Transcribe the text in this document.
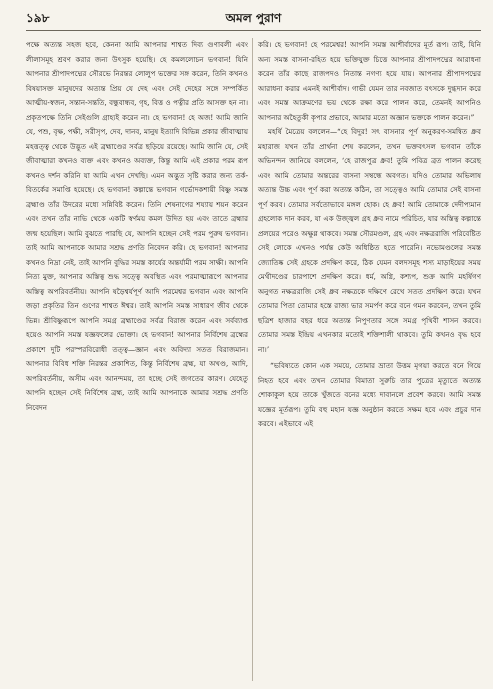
১৯৮	অমল পুরাণ

পক্ষে অত্যন্ত সহজ হবে, কেননা আমি আপনার শাশ্বত দিব্য গুণাবলী এবং লীলাসমূহ শ্রবণ করার জন্য উৎসুক হয়েছি। হে কমললোচন ভগবান! যিনি আপনার শ্রীপাদপদ্মের সৌরভে নিরন্তর লোলুপ ভক্তের সঙ্গ করেন, তিনি কখনও বিষয়াসক্ত মানুষদের অত্যন্ত প্রিয় যে দেহ এবং সেই দেহের সঙ্গে সম্পর্কিত আত্মীয়-স্বজন, সন্তান-সন্ততি, বন্ধুবান্ধব, গৃহ, বিত্ত ও পত্নীর প্রতি আসক্ত হন না। প্রকৃতপক্ষে তিনি সেইগুলি গ্রাহ্যই করেন না। হে ভগবান! হে অজ! আমি জানি যে, পশু, বৃক্ষ, পক্ষী, সরীসৃপ, দেব, দানব, মানুষ ইত্যাদি বিভিন্ন প্রকার জীবাত্মায় মহত্তত্ত্ব থেকে উদ্ভূত এই ব্রহ্মাণ্ডের সর্বত্র ছড়িয়ে রয়েছে। আমি জানি যে, সেই জীবাত্মারা কখনও ব্যক্ত এবং কখনও অব্যক্ত, কিন্তু আমি এই প্রকার পরম রূপ কখনও দর্শন করিনি যা আমি এখন দেখছি। এমন অদ্ভুত সৃষ্টি করার জন্য তর্ক-বিতর্কের সমাপ্তি হয়েছে। হে ভগবান! কল্পান্তে ভগবান গর্ভোদকশায়ী বিষ্ণু সমস্ত ব্রহ্মাণ্ড তাঁর উদরের মধ্যে সন্নিবিষ্ট করেন। তিনি শেষনাগের শয্যায় শয়ন করেন এবং তখন তাঁর নাভি থেকে একটি স্বর্ণময় কমল উদিত হয় এবং তাতে ব্রহ্মার জন্ম হয়েছিল। আমি বুঝতে পারছি যে, আপনি হচ্ছেন সেই পরম পুরুষ ভগবান। তাই আমি আপনাকে আমার সশ্রদ্ধ প্রণতি নিবেদন করি। হে ভগবান! আপনার কখনও নিদ্রা নেই, তাই আপনি বুদ্ধির সমস্ত কার্যের অন্তর্যামী পরম সাক্ষী। আপনি নিত্য মুক্ত, আপনার অস্তিত্ব শুদ্ধ সত্ত্বে অবস্থিত এবং পরমাত্মারূপে আপনার অস্তিত্ব অপরিবর্তনীয়। আপনি ষড়ৈশ্বর্যপূর্ণ আদি পরমেশ্বর ভগবান এবং আপনি জড়া প্রকৃতির তিন গুণের শাশ্বত ঈশ্বর। তাই আপনি সমস্ত সাধারণ জীব থেকে ভিন্ন। শ্রীবিষ্ণুরূপে আপনি সমগ্র ব্রহ্মাণ্ডের সর্বত্র বিরাজ করেন এবং সর্বব্যাপ্ত হয়েও আপনি সমস্ত যজ্ঞফলের ভোক্তা। হে ভগবান! আপনার নির্বিশেষ ব্রহ্মের প্রকাশে দুটি পরস্পরবিরোধী তত্ত্ব—জ্ঞান এবং অবিদ্যা সতত বিরাজমান। আপনার বিবিধ শক্তি নিরন্তর প্রকাশিত, কিন্তু নির্বিশেষ ব্রহ্ম, যা অখণ্ড, আদি, অপরিবর্তনীয়, অসীম এবং আনন্দময়, তা হচ্ছে সেই জগতের কারণ। যেহেতু আপনি হচ্ছেন সেই নির্বিশেষ ব্রহ্ম, তাই আমি আপনাকে আমার সশ্রদ্ধ প্রণতি নিবেদন

করি। হে ভগবান! হে পরমেশ্বর! আপনি সমস্ত আশীর্বাদের মূর্ত রূপ। তাই, যিনি অন্য সমস্ত বাসনা-রহিত হয়ে ভক্তিযুক্ত চিত্তে আপনার শ্রীপাদপদ্মের আরাধনা করেন তাঁর কাছে রাজপদও নিতান্ত নগণ্য হয়ে যায়। আপনার শ্রীপাদপদ্মের আরাধনা করার এমনই আশীর্বাদ। গাভী যেমন তার নবজাত বৎসকে দুগ্ধদান করে এবং সমস্ত আক্রমণের ভয় থেকে রক্ষা করে পালন করে, তেমনই আপনিও আপনার অহৈতুকী কৃপার প্রভাবে, আমার মতো অজ্ঞান ভক্তকে পালন করেন।”

মহর্ষি মৈত্রেয় বললেন—“হে বিদুর! সৎ বাসনার পূর্ণ অনুকরণ-সমন্বিত ধ্রুব মহারাজ যখন তাঁর প্রার্থনা শেষ করলেন, তখন ভক্তবৎসল ভগবান তাঁকে অভিনন্দন জানিয়ে বললেন, ‘হে রাজপুত্র ধ্রুব! তুমি পবিত্র ব্রত পালন করেছ এবং আমি তোমার অন্তরের বাসনা সম্বন্ধে অবগত। যদিও তোমার অভিলাষ অত্যন্ত উচ্চ এবং পূর্ণ করা অত্যন্ত কঠিন, তা সত্ত্বেও আমি তোমার সেই বাসনা পূর্ণ করব। তোমার সর্বতোভাবে মঙ্গল হোক। হে ধ্রুব! আমি তোমাকে দেদীপ্যমান গ্রহলোক দান করব, যা এক উজ্জ্বল গ্রহ ধ্রুব নামে পরিচিত, যার অস্তিত্ব কল্পান্তে প্রলয়ের পরেও অক্ষুণ্ণ থাকবে। সমস্ত সৌরমণ্ডল, গ্রহ এবং নক্ষত্ররাজি পরিবেষ্টিত সেই লোকে এখনও পর্যন্ত কেউ অধিষ্ঠিত হতে পারেনি। নভোমণ্ডলের সমস্ত জ্যোতিষ্ক সেই গ্রহকে প্রদক্ষিণ করে, ঠিক যেমন বলদসমূহ শস্য মাড়াইয়ের সময় মেথীদণ্ডের চারপাশে প্রদক্ষিণ করে। ধর্ম, অগ্নি, কশ্যপ, শুক্র আদি মহর্ষিগণ অনুগত নক্ষত্ররাজি সেই ধ্রুব নক্ষত্রকে দক্ষিণে রেখে সতত প্রদক্ষিণ করে। যখন তোমার পিতা তোমার হস্তে রাজ্য ভার সমর্পণ করে বনে গমন করবেন, তখন তুমি ছত্রিশ হাজার বছর ধরে অত্যন্ত নিপুণতার সঙ্গে সমগ্র পৃথিবী শাসন করবে। তোমার সমস্ত ইন্দ্রিয় এখনকার মতোই শক্তিশালী থাকবে। তুমি কখনও বৃদ্ধ হবে না।’

“ভবিষ্যতে কোন এক সময়ে, তোমার ভ্রাতা উত্তম মৃগয়া করতে বনে গিয়ে নিহত হবে এবং তখন তোমার বিমাতা সুরুচি তার পুত্রের মৃত্যুতে অত্যন্ত শোকাকুল হয়ে তাকে খুঁজতে বনের মধ্যে দাবানলে প্রবেশ করবে। আমি সমস্ত যজ্ঞের মূর্তরূপ। তুমি বহু মহান যজ্ঞ অনুষ্ঠান করতে সক্ষম হবে এবং প্রচুর দান করবে। এইভাবে এই
